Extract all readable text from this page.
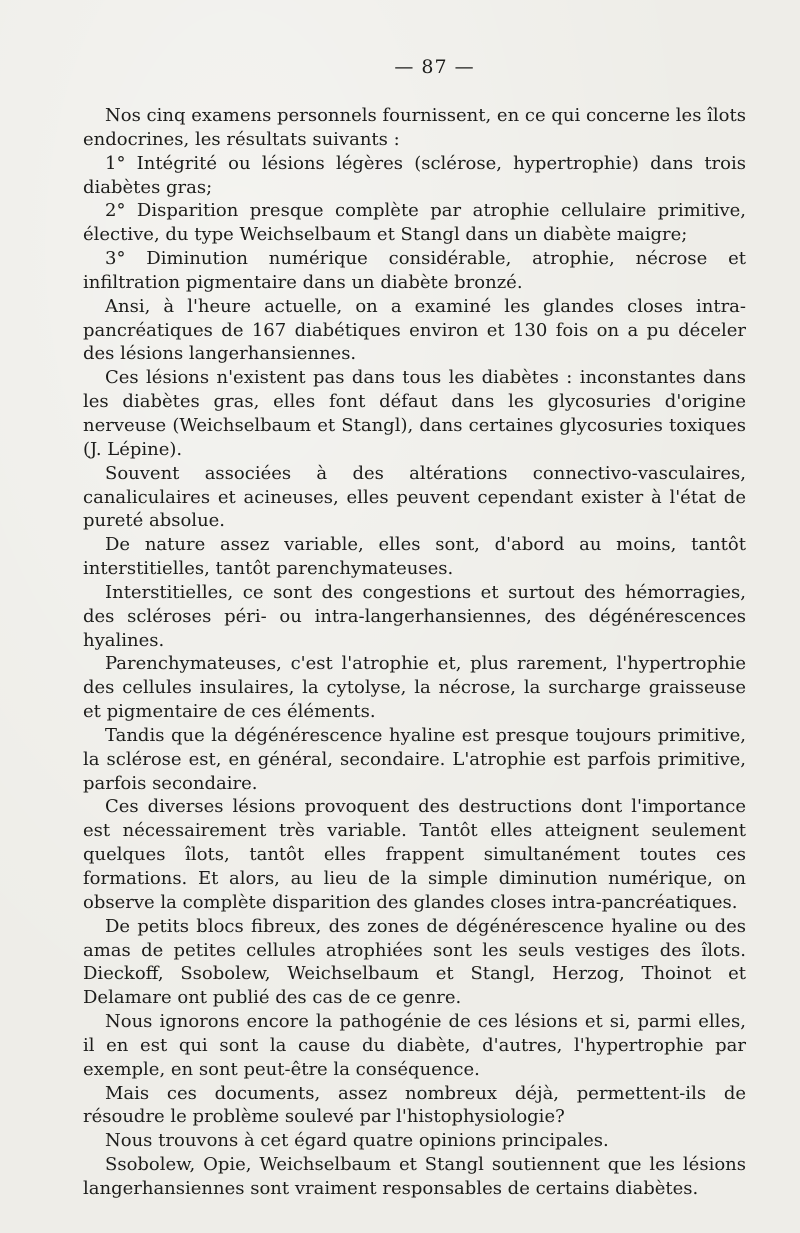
— 87 —

Nos cinq examens personnels fournissent, en ce qui concerne les îlots endocrines, les résultats suivants :

1° Intégrité ou lésions légères (sclérose, hypertrophie) dans trois diabètes gras;

2° Disparition presque complète par atrophie cellulaire primitive, élective, du type Weichselbaum et Stangl dans un diabète maigre;

3° Diminution numérique considérable, atrophie, nécrose et infiltration pigmentaire dans un diabète bronzé.

Ansi, à l'heure actuelle, on a examiné les glandes closes intra-pancréatiques de 167 diabétiques environ et 130 fois on a pu déceler des lésions langerhansiennes.

Ces lésions n'existent pas dans tous les diabètes : inconstantes dans les diabètes gras, elles font défaut dans les glycosuries d'origine nerveuse (Weichselbaum et Stangl), dans certaines glycosuries toxiques (J. Lépine).

Souvent associées à des altérations connectivo-vasculaires, canaliculaires et acineuses, elles peuvent cependant exister à l'état de pureté absolue.

De nature assez variable, elles sont, d'abord au moins, tantôt interstitielles, tantôt parenchymateuses.

Interstitielles, ce sont des congestions et surtout des hémorragies, des scléroses péri- ou intra-langerhansiennes, des dégénérescences hyalines.

Parenchymateuses, c'est l'atrophie et, plus rarement, l'hypertrophie des cellules insulaires, la cytolyse, la nécrose, la surcharge graisseuse et pigmentaire de ces éléments.

Tandis que la dégénérescence hyaline est presque toujours primitive, la sclérose est, en général, secondaire. L'atrophie est parfois primitive, parfois secondaire.

Ces diverses lésions provoquent des destructions dont l'importance est nécessairement très variable. Tantôt elles atteignent seulement quelques îlots, tantôt elles frappent simultanément toutes ces formations. Et alors, au lieu de la simple diminution numérique, on observe la complète disparition des glandes closes intra-pancréatiques.

De petits blocs fibreux, des zones de dégénérescence hyaline ou des amas de petites cellules atrophiées sont les seuls vestiges des îlots. Dieckoff, Ssobolew, Weichselbaum et Stangl, Herzog, Thoinot et Delamare ont publié des cas de ce genre.

Nous ignorons encore la pathogénie de ces lésions et si, parmi elles, il en est qui sont la cause du diabète, d'autres, l'hypertrophie par exemple, en sont peut-être la conséquence.

Mais ces documents, assez nombreux déjà, permettent-ils de résoudre le problème soulevé par l'histophysiologie?

Nous trouvons à cet égard quatre opinions principales.

Ssobolew, Opie, Weichselbaum et Stangl soutiennent que les lésions langerhansiennes sont vraiment responsables de certains diabètes.
